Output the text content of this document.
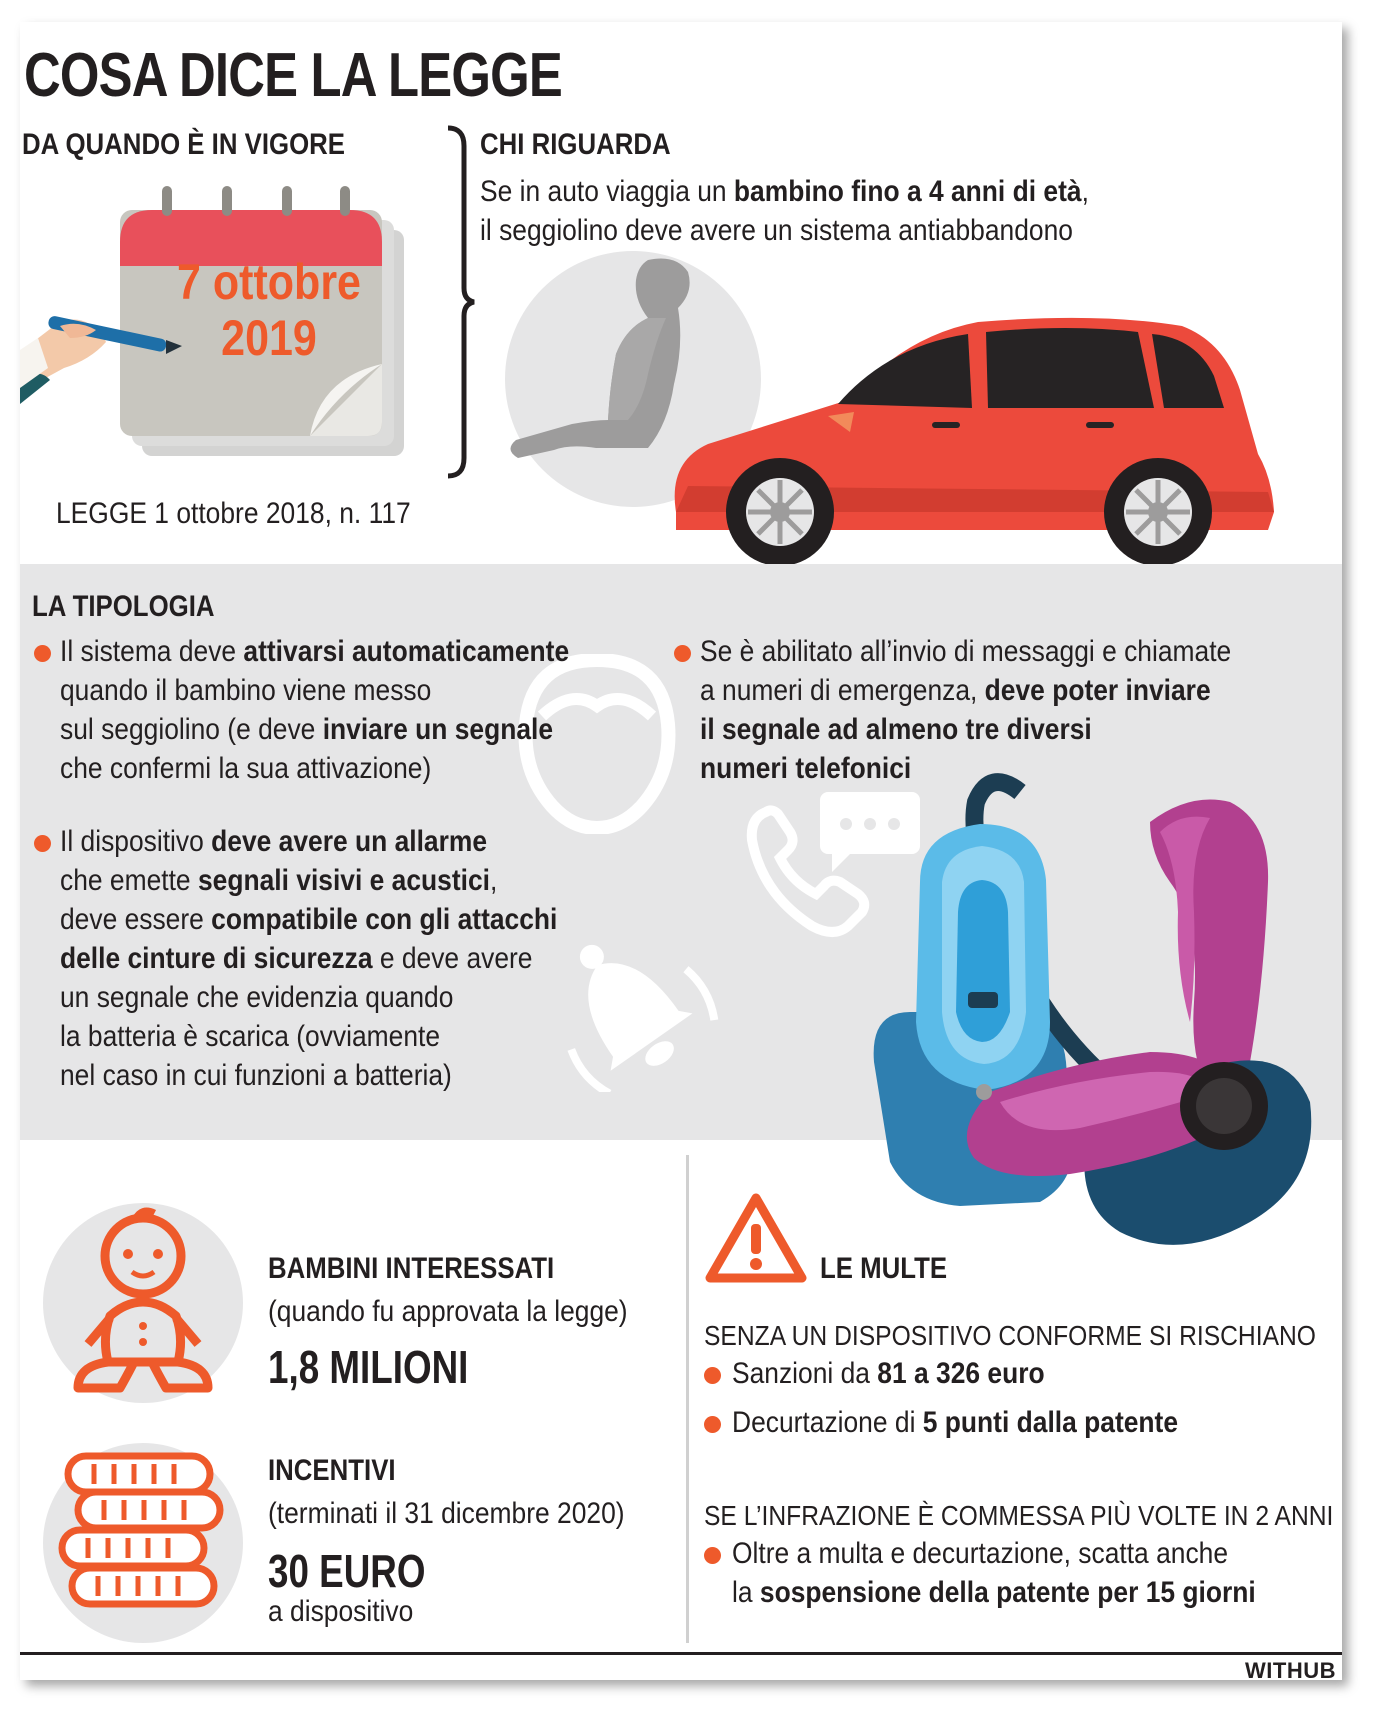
COSA DICE LA LEGGE
DA QUANDO È IN VIGORE
7 ottobre
2019
LEGGE 1 ottobre 2018, n. 117
CHI RIGUARDA
Se in auto viaggia un bambino fino a 4 anni di età,
il seggiolino deve avere un sistema antiabbandono
LA TIPOLOGIA
Il sistema deve attivarsi automaticamente
quando il bambino viene messo
sul seggiolino (e deve inviare un segnale
che confermi la sua attivazione)
Se è abilitato all’invio di messaggi e chiamate
a numeri di emergenza, deve poter inviare
il segnale ad almeno tre diversi
numeri telefonici
Il dispositivo deve avere un allarme
che emette segnali visivi e acustici,
deve essere compatibile con gli attacchi
delle cinture di sicurezza e deve avere
un segnale che evidenzia quando
la batteria è scarica (ovviamente
nel caso in cui funzioni a batteria)
BAMBINI INTERESSATI
(quando fu approvata la legge)
1,8 MILIONI
INCENTIVI
(terminati il 31 dicembre 2020)
30 EURO
a dispositivo
LE MULTE
SENZA UN DISPOSITIVO CONFORME SI RISCHIANO
Sanzioni da 81 a 326 euro
Decurtazione di 5 punti dalla patente
SE L’INFRAZIONE È COMMESSA PIÙ VOLTE IN 2 ANNI
Oltre a multa e decurtazione, scatta anche
la sospensione della patente per 15 giorni
WITHUB
